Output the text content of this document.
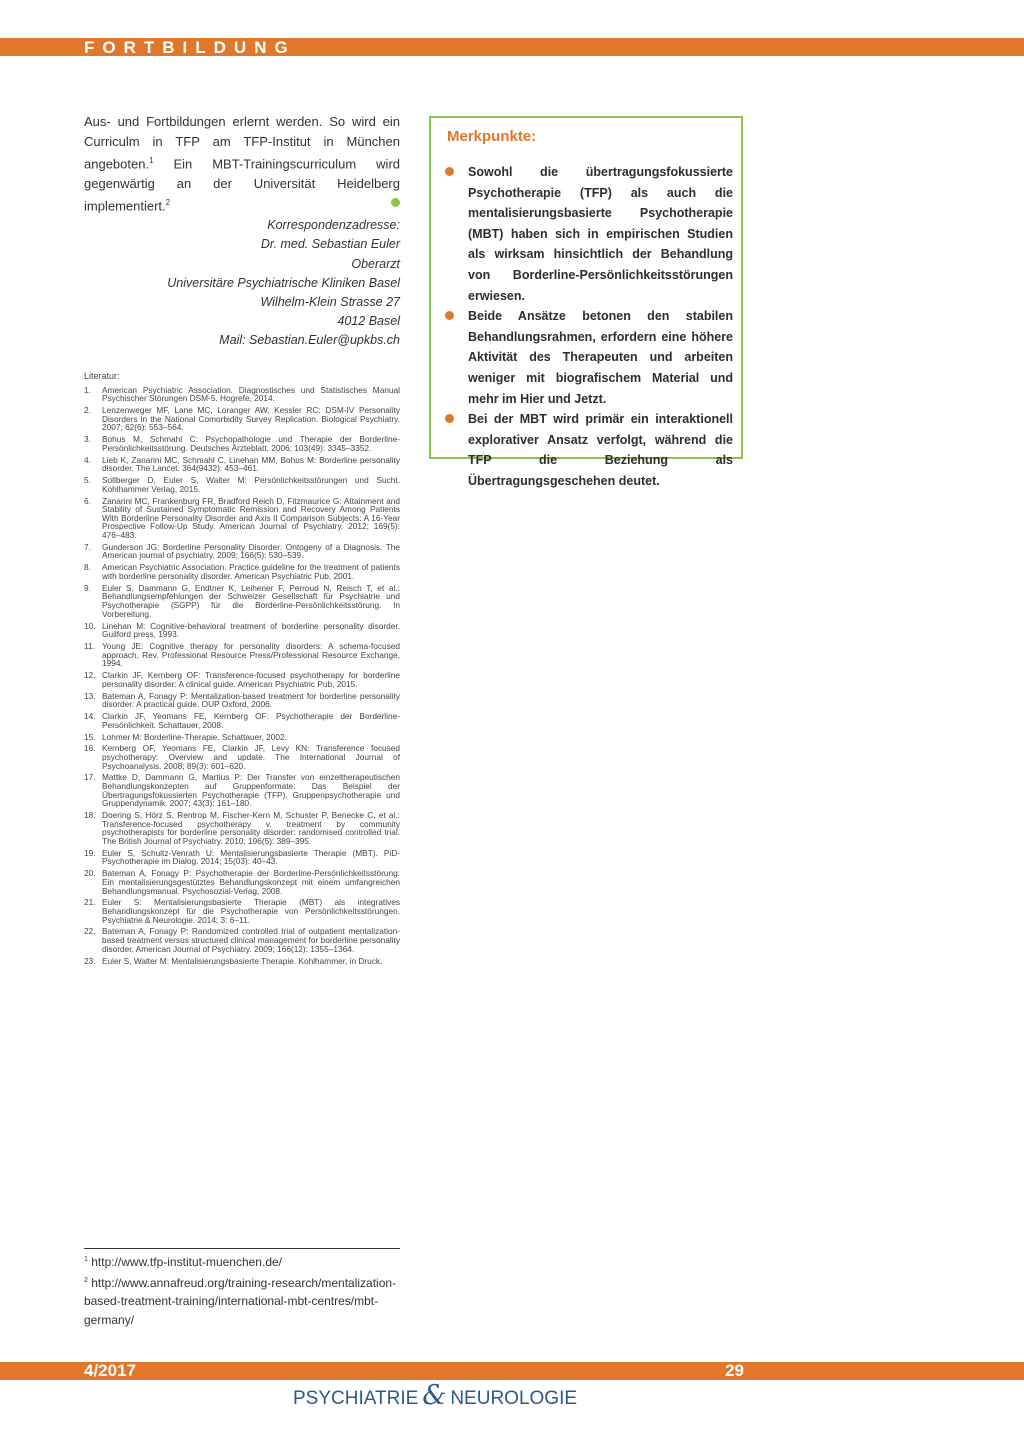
FORTBILDUNG

Aus- und Fortbildungen erlernt werden. So wird ein Curriculm in TFP am TFP-Institut in München angeboten.$^1$ Ein MBT-Trainingscurriculum wird gegenwärtig an der Universität Heidelberg implementiert.$^2$

Korrespondenzadresse:
Dr. med. Sebastian Euler
Oberarzt
Universitäre Psychiatrische Kliniken Basel
Wilhelm-Klein Strasse 27
4012 Basel
Mail: Sebastian.Euler@upkbs.ch
Literatur:
1.	American Psychiatric Association. Diagnostisches und Statistisches Manual Psychischer Störungen DSM-5. Hogrefe, 2014.
2.	Lenzenweger MF, Lane MC, Loranger AW, Kessler RC: DSM-IV Personality Disorders in the National Comorbidity Survey Replication. Biological Psychiatry. 2007; 62(6): 553–564.
3.	Bohus M, Schmahl C: Psychopathologie und Therapie der Borderline-Persönlichkeitsstörung. Deutsches Ärzteblatt. 2006; 103(49): 3345–3352.
4.	Lieb K, Zanarini MC, Schmahl C, Linehan MM, Bohus M: Borderline personality disorder. The Lancet. 364(9432): 453–461.
5.	Sollberger D, Euler S, Walter M: Persönlichkeitsstörungen und Sucht. Kohlhammer Verlag, 2015.
6.	Zanarini MC, Frankenburg FR, Bradford Reich D, Fitzmaurice G: Attainment and Stability of Sustained Symptomatic Remission and Recovery Among Patients With Borderline Personality Disorder and Axis II Comparison Subjects: A 16-Year Prospective Follow-Up Study. American Journal of Psychiatry. 2012; 169(5): 476–483.
7.	Gunderson JG: Borderline Personality Disorder: Ontogeny of a Diagnosis. The American journal of psychiatry. 2009; 166(5): 530–539.
8.	American Psychiatric Association. Practice guideline for the treatment of patients with borderline personality disorder. American Psychiatric Pub, 2001.
9.	Euler S, Dammann G, Endtner K, Leihener F, Perroud N, Reisch T, et al.: Behandlungsempfehlungen der Schweizer Gesellschaft für Psychiatrie und Psychotherapie (SGPP) für die Borderline-Persönlichkeitsstörung. In Vorbereitung.
10. Linehan M: Cognitive-behavioral treatment of borderline personality disorder. Guilford press, 1993.
11. Young JE: Cognitive therapy for personality disorders: A schema-focused approach, Rev. Professional Resource Press/Professional Resource Exchange, 1994.
12. Clarkin JF, Kernberg OF: Transference-focused psychotherapy for borderline personality disorder: A clinical guide. American Psychiatric Pub, 2015.
13. Bateman A, Fonagy P: Mentalization-based treatment for borderline personality disorder: A practical guide. OUP Oxford, 2006.
14. Clarkin JF, Yeomans FE, Kernberg OF: Psychotherapie der Borderline-Persönlichkeit. Schattauer, 2008.
15. Lohmer M: Borderline-Therapie. Schattauer, 2002.
16. Kernberg OF, Yeomans FE, Clarkin JF, Levy KN: Transference focused psychotherapy: Overview and update. The International Journal of Psychoanalysis. 2008; 89(3): 601–620.
17. Mattke D, Dammann G, Martius P: Der Transfer von einzeltherapeutischen Behandlungskonzepten auf Gruppenformate: Das Beispiel der Übertragungsfokussierten Psychotherapie (TFP). Gruppenpsychotherapie und Gruppendynamik. 2007; 43(3): 161–180.
18. Doering S, Hörz S, Rentrop M, Fischer-Kern M, Schuster P, Benecke C, et al.: Transference-focused psychotherapy v. treatment by community psychotherapists for borderline personality disorder: randomised controlled trial. The British Journal of Psychiatry. 2010; 196(5): 389–395.
19. Euler S, Schultz-Venrath U: Mentalisierungsbasierte Therapie (MBT). PiD-Psychotherapie im Dialog. 2014; 15(03): 40–43.
20. Bateman A, Fonagy P: Psychotherapie der Borderline-Persönlichkeitsstörung: Ein mentalisierungsgestütztes Behandlungskonzept mit einem umfangreichen Behandlungsmanual. Psychosozial-Verlag, 2008.
21. Euler S: Mentalisierungsbasierte Therapie (MBT) als integratives Behandlungskonzept für die Psychotherapie von Persönlichkeitsstörungen. Psychiatrie & Neurologie. 2014; 3: 6–11.
22. Bateman A, Fonagy P: Randomized controlled trial of outpatient mentalization-based treatment versus structured clinical management for borderline personality disorder. American Journal of Psychiatry. 2009; 166(12): 1355–1364.
23. Euler S, Walter M: Mentalisierungsbasierte Therapie. Kohlhammer, in Druck.
$^1$ http://www.tfp-institut-muenchen.de/
$^2$ http://www.annafreud.org/training-research/mentalization-based-treatment-training/international-mbt-centres/mbt-germany/
Merkpunkte:
Sowohl die übertragungsfokussierte Psychotherapie (TFP) als auch die mentalisierungsbasierte Psychotherapie (MBT) haben sich in empirischen Studien als wirksam hinsichtlich der Behandlung von Borderline-Persönlichkeitsstörungen erwiesen.
Beide Ansätze betonen den stabilen Behandlungsrahmen, erfordern eine höhere Aktivität des Therapeuten und arbeiten weniger mit biografischem Material und mehr im Hier und Jetzt.
Bei der MBT wird primär ein interaktionell explorativer Ansatz verfolgt, während die TFP die Beziehung als Übertragungsgeschehen deutet.
4/2017	29
PSYCHIATRIE & NEUROLOGIE
